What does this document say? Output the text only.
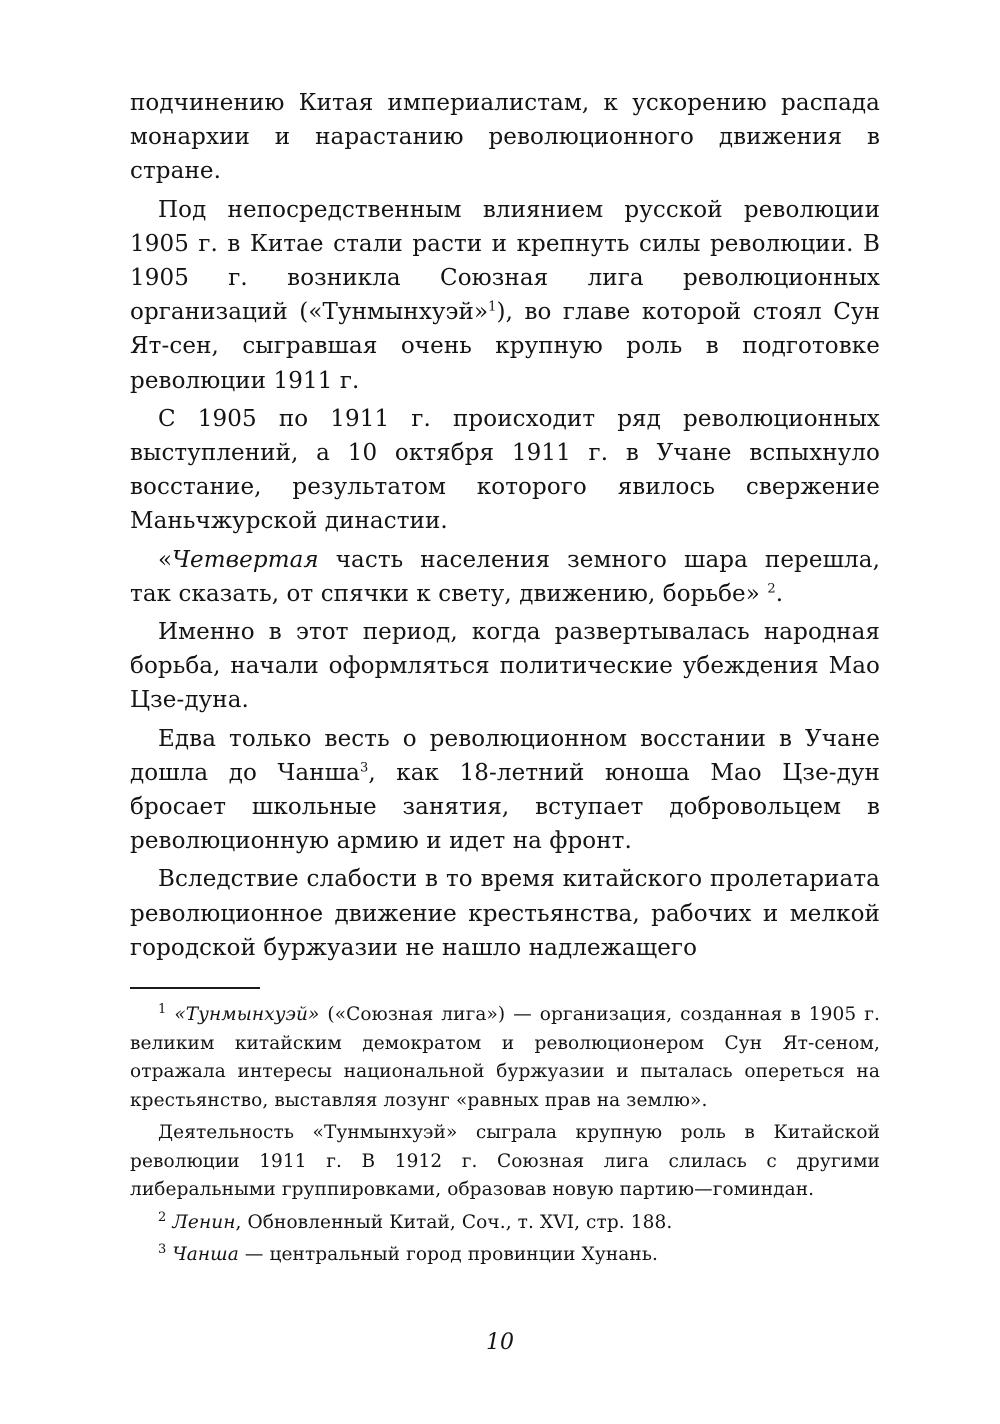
подчинению Китая империалистам, к ускорению распада монархии и нарастанию революционного движения в стране.

Под непосредственным влиянием русской революции 1905 г. в Китае стали расти и крепнуть силы революции. В 1905 г. возникла Союзная лига революционных организаций («Тунмынхуэй»$^1$), во главе которой стоял Сун Ят-сен, сыгравшая очень крупную роль в подготовке революции 1911 г.

С 1905 по 1911 г. происходит ряд революционных выступлений, а 10 октября 1911 г. в Учане вспыхнуло восстание, результатом которого явилось свержение Маньчжурской династии.

«Четвертая часть населения земного шара перешла, так сказать, от спячки к свету, движению, борьбе» $^2$.

Именно в этот период, когда развертывалась народная борьба, начали оформляться политические убеждения Мао Цзе-дуна.

Едва только весть о революционном восстании в Учане дошла до Чанша$^3$, как 18-летний юноша Мао Цзе-дун бросает школьные занятия, вступает добровольцем в революционную армию и идет на фронт.

Вследствие слабости в то время китайского пролетариата революционное движение крестьянства, рабочих и мелкой городской буржуазии не нашло надлежащего

$^1$ «Тунмынхуэй» («Союзная лига») — организация, созданная в 1905 г. великим китайским демократом и революционером Сун Ят-сеном, отражала интересы национальной буржуазии и пыталась опереться на крестьянство, выставляя лозунг «равных прав на землю».

Деятельность «Тунмынхуэй» сыграла крупную роль в Китайской революции 1911 г. В 1912 г. Союзная лига слилась с другими либеральными группировками, образовав новую партию—гоминдан.

$^2$ Ленин, Обновленный Китай, Соч., т. XVI, стр. 188.

$^3$ Чанша — центральный город провинции Хунань.

10
